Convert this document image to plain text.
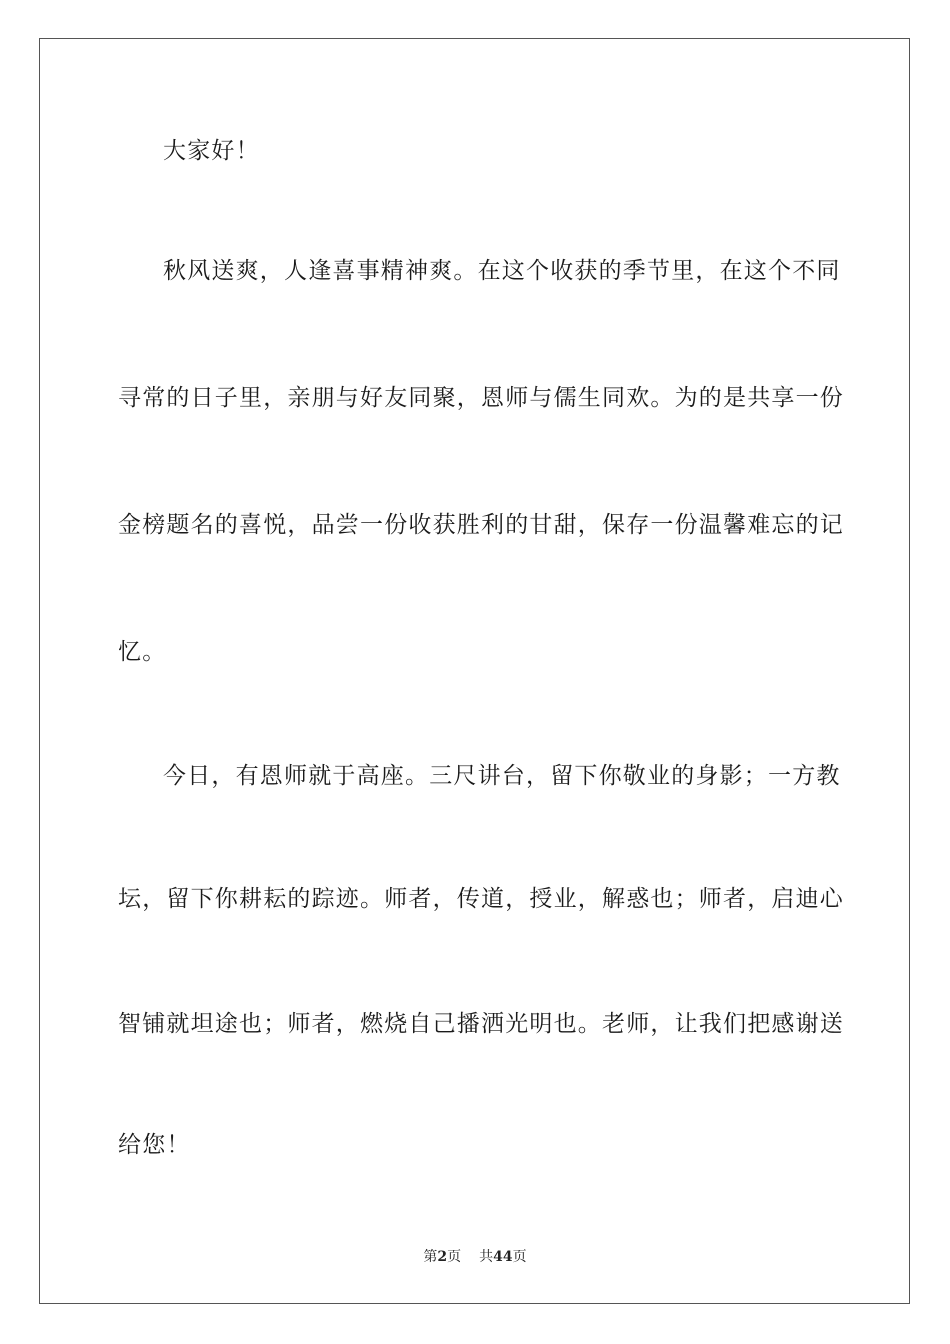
大家好！
秋风送爽，人逢喜事精神爽。在这个收获的季节里，在这个不同
寻常的日子里，亲朋与好友同聚，恩师与儒生同欢。为的是共享一份
金榜题名的喜悦，品尝一份收获胜利的甘甜，保存一份温馨难忘的记
忆。
今日，有恩师就于高座。三尺讲台，留下你敬业的身影；一方教
坛，留下你耕耘的踪迹。师者，传道，授业，解惑也；师者，启迪心
智铺就坦途也；师者，燃烧自己播洒光明也。老师，让我们把感谢送
给您！
第2页 共44页
